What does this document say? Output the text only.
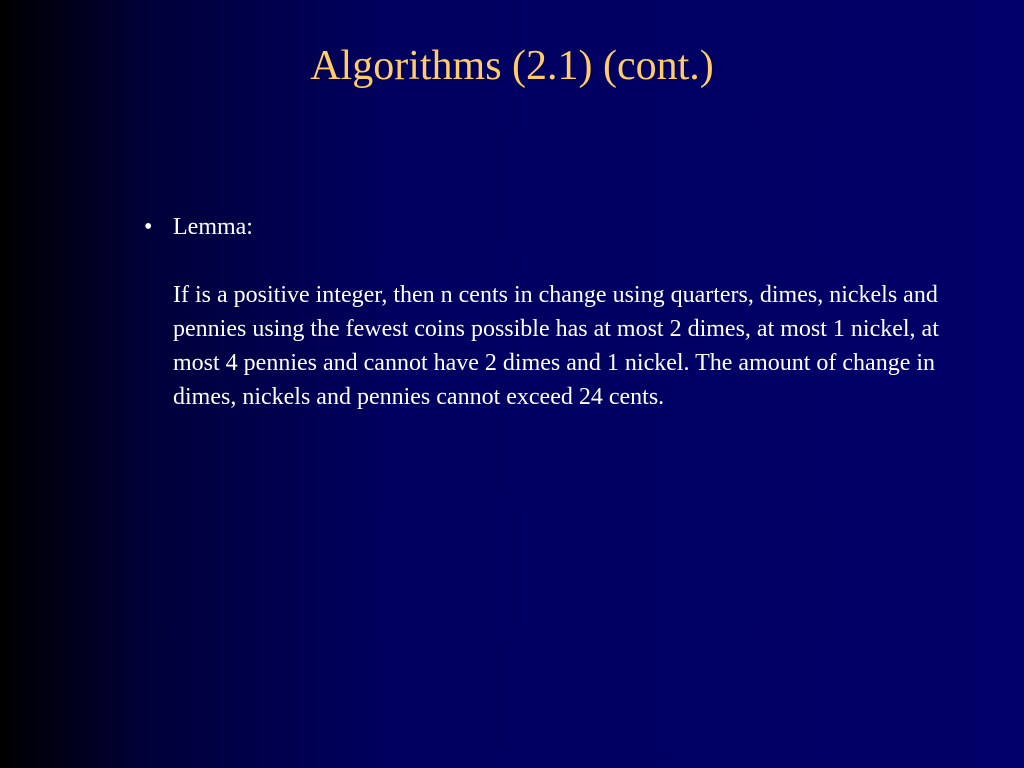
Algorithms (2.1) (cont.)
• Lemma:
If is a positive integer, then n cents in change using quarters, dimes, nickels and pennies using the fewest coins possible has at most 2 dimes, at most 1 nickel, at most 4 pennies and cannot have 2 dimes and 1 nickel. The amount of change in dimes, nickels and pennies cannot exceed 24 cents.
